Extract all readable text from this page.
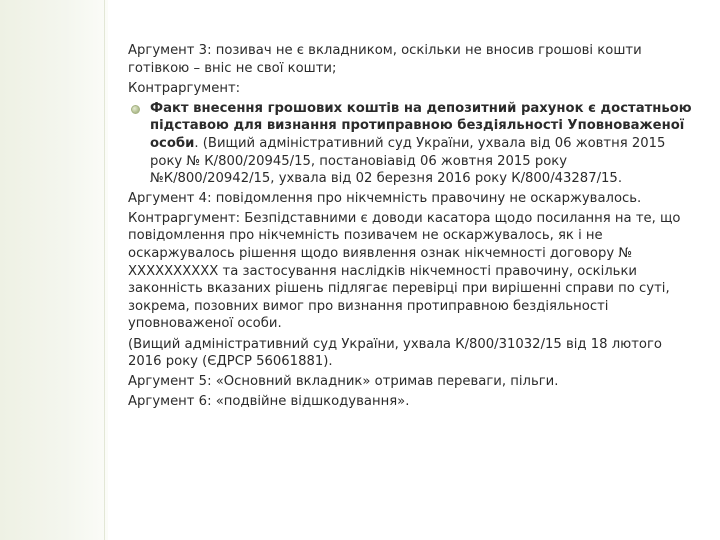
Аргумент 3: позивач не є вкладником, оскільки не вносив грошові кошти готівкою – вніс не свої кошти;

Контраргумент:

Факт внесення грошових коштів на депозитний рахунок є достатньою підставою для визнання протиправною бездіяльності Уповноваженої особи. (Вищий адміністративний суд України, ухвала від 06 жовтня 2015 року № К/800/20945/15, постановіавід 06 жовтня 2015 року №К/800/20942/15, ухвала від 02 березня 2016 року К/800/43287/15.

Аргумент 4: повідомлення про нікчемність правочину не оскаржувалось.

Контраргумент: Безпідставними є доводи касатора щодо посилання на те, що повідомлення про нікчемність позивачем не оскаржувалось, як і не оскаржувалось рішення щодо виявлення ознак нікчемності договору № ХХХХХХХХХХ та застосування наслідків нікчемності правочину, оскільки законність вказаних рішень підлягає перевірці при вирішенні справи по суті, зокрема, позовних вимог про визнання протиправною бездіяльності уповноваженої особи.

(Вищий адміністративний суд України, ухвала К/800/31032/15 від 18 лютого 2016 року (ЄДРСР 56061881).

Аргумент 5: «Основний вкладник» отримав переваги, пільги.

Аргумент 6: «подвійне відшкодування».
